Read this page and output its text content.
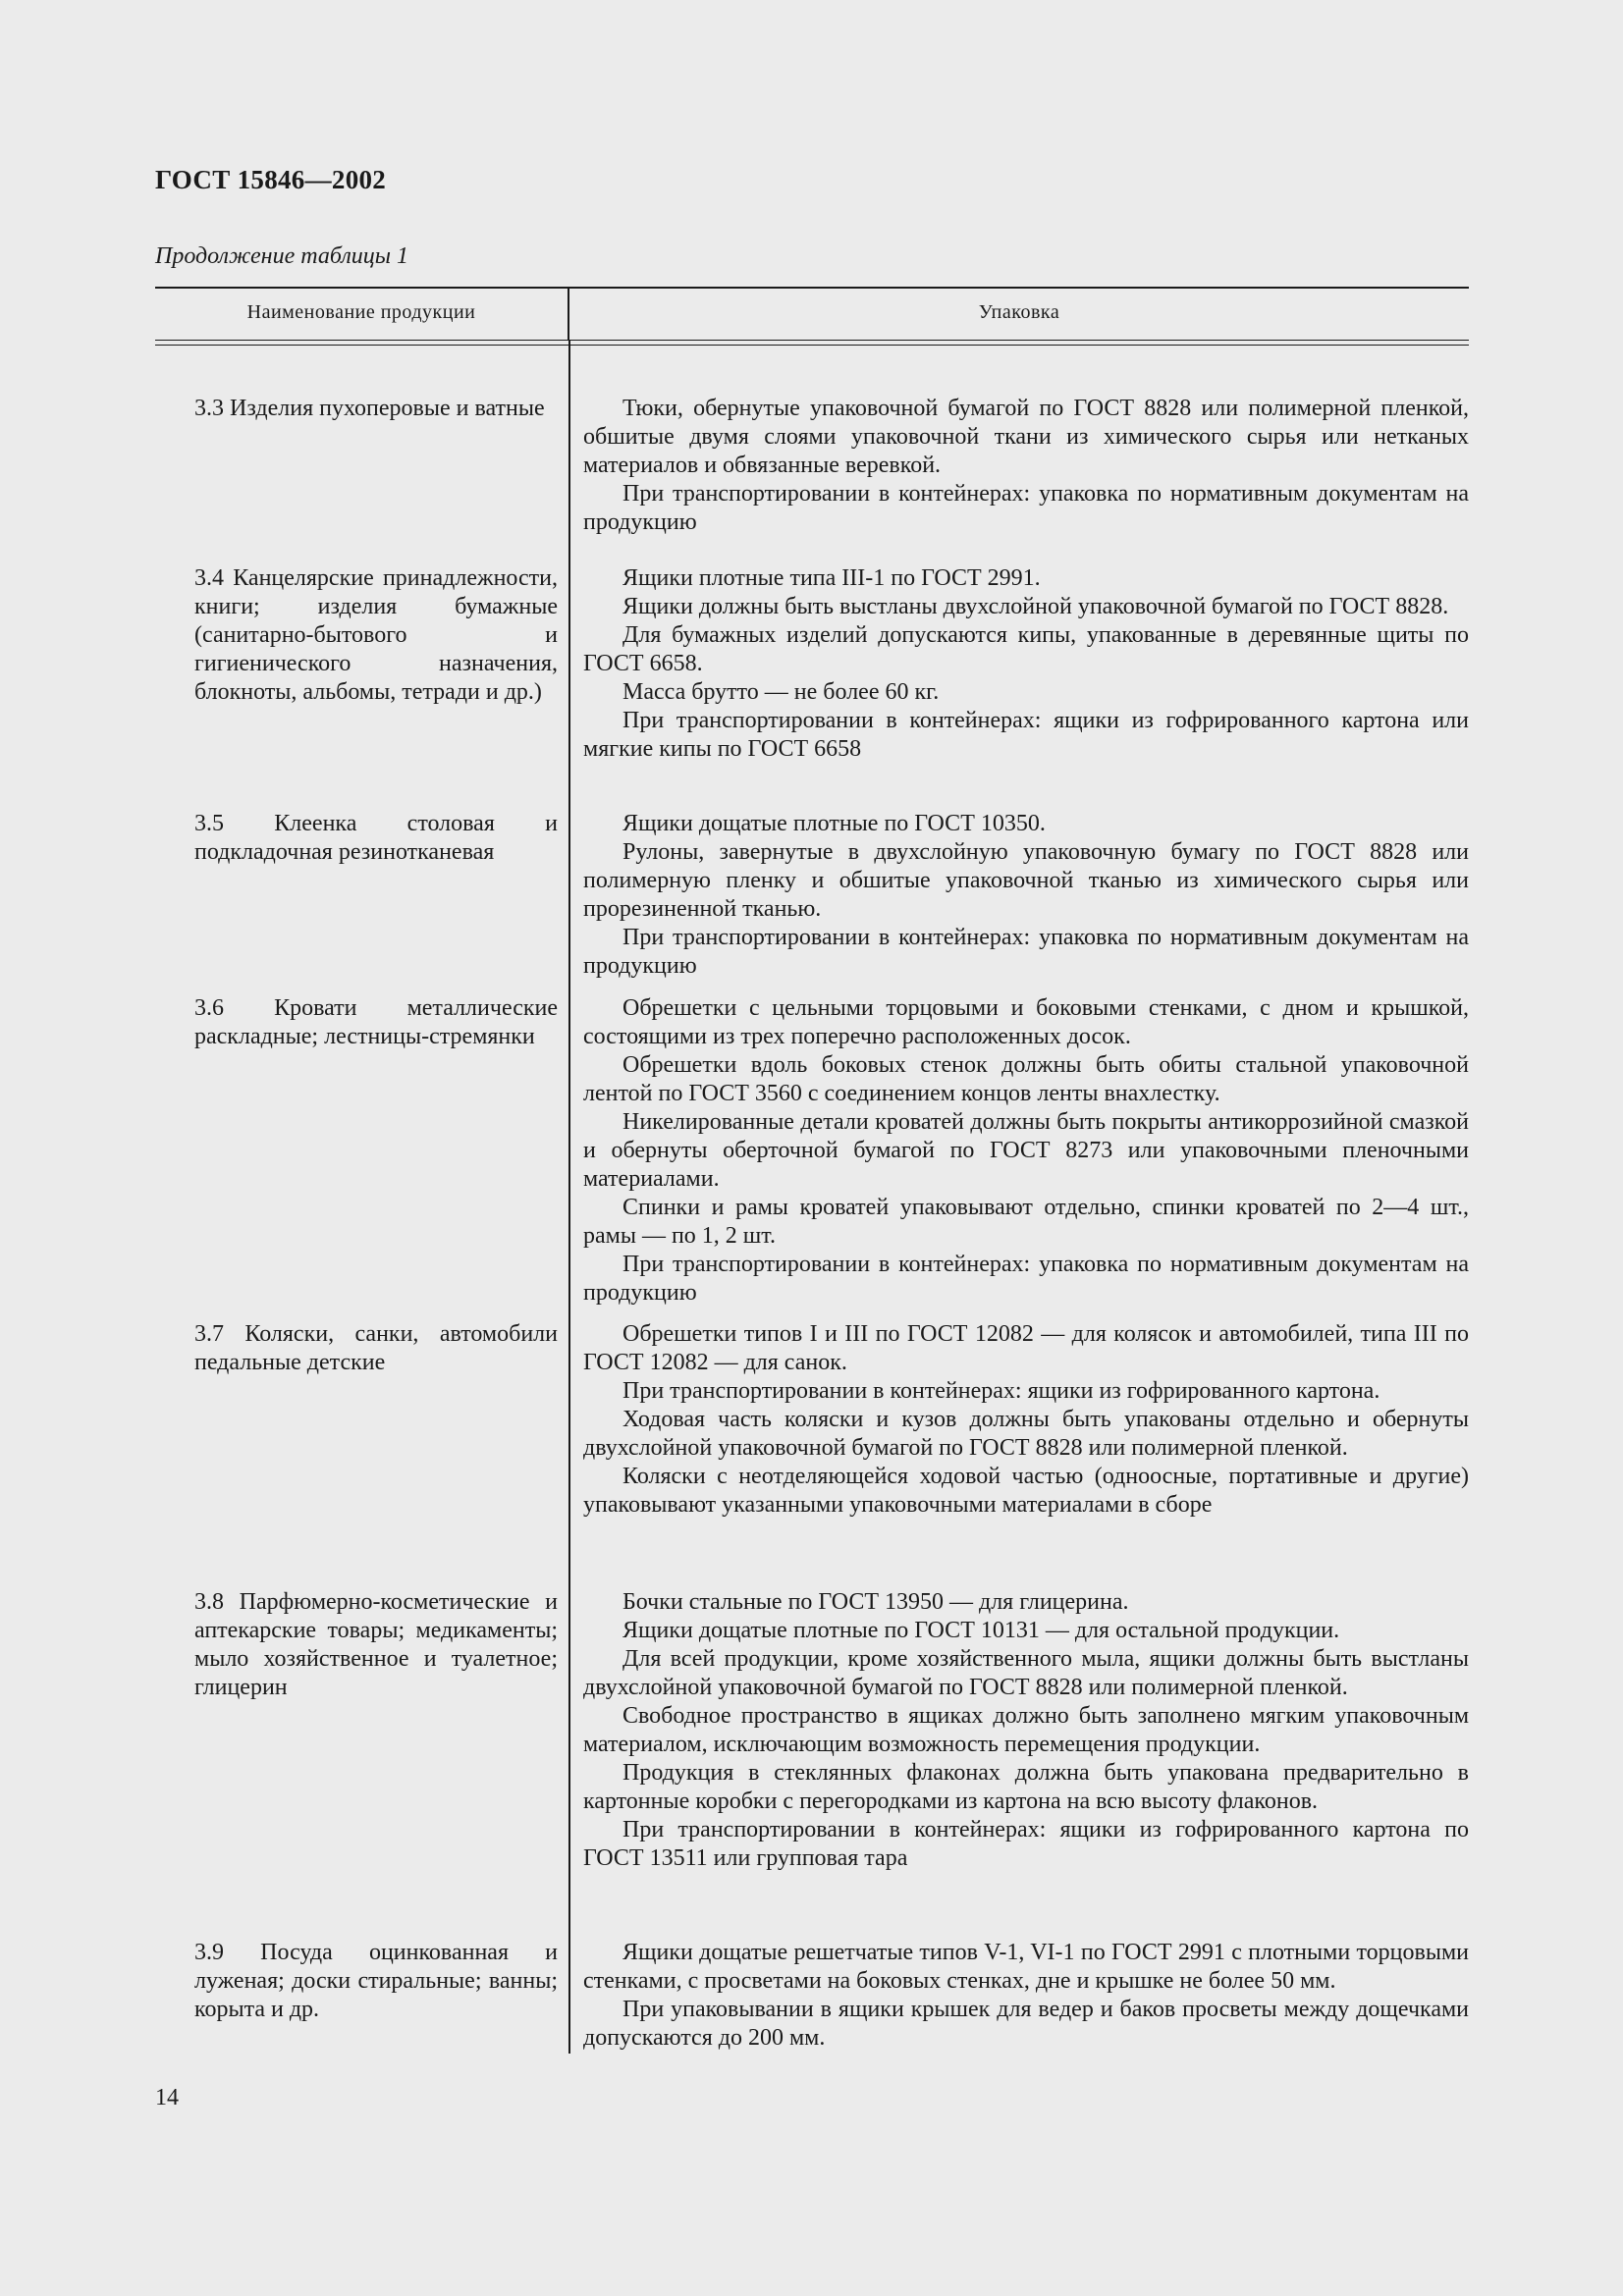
ГОСТ 15846—2002

Продолжение таблицы 1

Наименование продукции	Упаковка
3.3 Изделия пухоперовые и ватные	Тюки, обернутые упаковочной бумагой по ГОСТ 8828 или полимерной пленкой, обшитые двумя слоями упаковочной ткани из химического сырья или нетканых материалов и обвязанные веревкой.

При транспортировании в контейнерах: упаковка по нормативным документам на продукцию

3.4 Канцелярские принадлежности, книги; изделия бумажные (санитарно-бытового и гигиенического назначения, блокноты, альбомы, тетради и др.)

Ящики плотные типа III-1 по ГОСТ 2991.

Ящики должны быть выстланы двухслойной упаковочной бумагой по ГОСТ 8828.

Для бумажных изделий допускаются кипы, упакованные в деревянные щиты по ГОСТ 6658.

Масса брутто — не более 60 кг.

При транспортировании в контейнерах: ящики из гофрированного картона или мягкие кипы по ГОСТ 6658

3.5 Клеенка столовая и подкладочная резинотканевая

Ящики дощатые плотные по ГОСТ 10350.

Рулоны, завернутые в двухслойную упаковочную бумагу по ГОСТ 8828 или полимерную пленку и обшитые упаковочной тканью из химического сырья или прорезиненной тканью.

При транспортировании в контейнерах: упаковка по нормативным документам на продукцию

3.6 Кровати металлические раскладные; лестницы-стремянки

Обрешетки с цельными торцовыми и боковыми стенками, с дном и крышкой, состоящими из трех поперечно расположенных досок.

Обрешетки вдоль боковых стенок должны быть обиты стальной упаковочной лентой по ГОСТ 3560 с соединением концов ленты внахлестку.

Никелированные детали кроватей должны быть покрыты антикоррозийной смазкой и обернуты оберточной бумагой по ГОСТ 8273 или упаковочными пленочными материалами.

Спинки и рамы кроватей упаковывают отдельно, спинки кроватей по 2—4 шт., рамы — по 1, 2 шт.

При транспортировании в контейнерах: упаковка по нормативным документам на продукцию

3.7 Коляски, санки, автомобили педальные детские

Обрешетки типов I и III по ГОСТ 12082 — для колясок и автомобилей, типа III по ГОСТ 12082 — для санок.

При транспортировании в контейнерах: ящики из гофрированного картона.

Ходовая часть коляски и кузов должны быть упакованы отдельно и обернуты двухслойной упаковочной бумагой по ГОСТ 8828 или полимерной пленкой.

Коляски с неотделяющейся ходовой частью (одноосные, портативные и другие) упаковывают указанными упаковочными материалами в сборе

3.8 Парфюмерно-косметические и аптекарские товары; медикаменты; мыло хозяйственное и туалетное; глицерин

Бочки стальные по ГОСТ 13950 — для глицерина.

Ящики дощатые плотные по ГОСТ 10131 — для остальной продукции.

Для всей продукции, кроме хозяйственного мыла, ящики должны быть выстланы двухслойной упаковочной бумагой по ГОСТ 8828 или полимерной пленкой.

Свободное пространство в ящиках должно быть заполнено мягким упаковочным материалом, исключающим возможность перемещения продукции.

Продукция в стеклянных флаконах должна быть упакована предварительно в картонные коробки с перегородками из картона на всю высоту флаконов.

При транспортировании в контейнерах: ящики из гофрированного картона по ГОСТ 13511 или групповая тара

3.9 Посуда оцинкованная и луженая; доски стиральные; ванны; корыта и др.

Ящики дощатые решетчатые типов V-1, VI-1 по ГОСТ 2991 с плотными торцовыми стенками, с просветами на боковых стенках, дне и крышке не более 50 мм.

При упаковывании в ящики крышек для ведер и баков просветы между дощечками допускаются до 200 мм.

14
